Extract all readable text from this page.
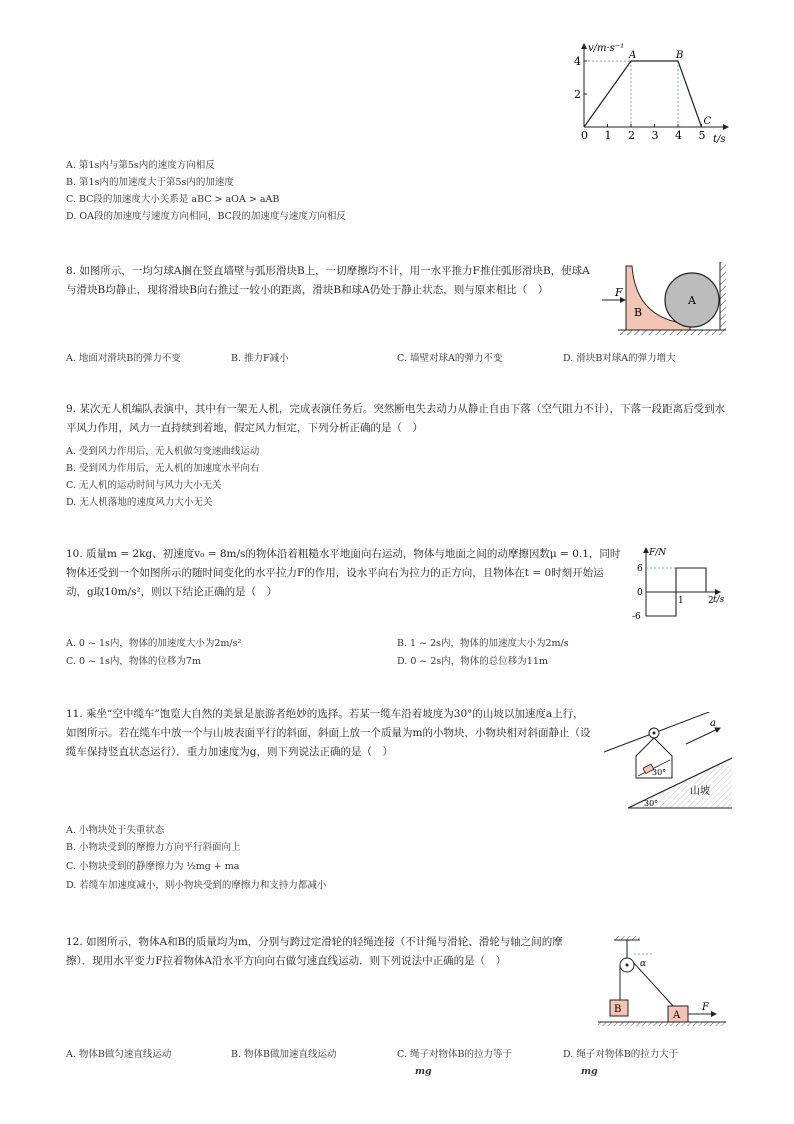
0 1 2 3 4 5
2
4
v/m·s⁻¹
t/s
A	B
C
A. 第1s内与第5s内的速度方向相反
B. 第1s内的加速度大于第5s内的加速度
C. BC段的加速度大小关系是 aBC > aOA > aAB
D. OA段的加速度与速度方向相同，BC段的加速度与速度方向相反
8. 如图所示，一均匀球A搁在竖直墙壁与弧形滑块B上，一切摩擦均不计，用一水平推力F推住弧形滑块B，使球A与滑块B均静止，现将滑块B向右推过一较小的距离，滑块B和球A仍处于静止状态，则与原来相比（　）	F
B
A
A. 地面对滑块B的弹力不变	B. 推力F减小	C. 墙壁对球A的弹力不变	D. 滑块B对球A的弹力增大
9. 某次无人机编队表演中，其中有一架无人机，完成表演任务后。突然断电失去动力从静止自由下落（空气阻力不计），下落一段距离后受到水平风力作用，风力一直持续到着地，假定风力恒定，下列分析正确的是（　）
A. 受到风力作用后，无人机做匀变速曲线运动
B. 受到风力作用后，无人机的加速度水平向右
C. 无人机的运动时间与风力大小无关
D. 无人机落地的速度风力大小无关
10. 质量m = 2kg、初速度v₀ = 8m/s的物体沿着粗糙水平地面向右运动，物体与地面之间的动摩擦因数μ = 0.1，同时物体还受到一个如图所示的随时间变化的水平拉力F的作用，设水平向右为拉力的正方向，且物体在t = 0时刻开始运动，g取10m/s²，则以下结论正确的是（　）
1	2
6
0
-6
F/N
t/s
A. 0 ~ 1s内，物体的加速度大小为2m/s²	B. 1 ~ 2s内，物体的加速度大小为2m/s
C. 0 ~ 1s内，物体的位移为7m	D. 0 ~ 2s内，物体的总位移为11m
11. 乘坐“空中缆车”饱览大自然的美景是旅游者绝妙的选择。若某一缆车沿着坡度为30°的山坡以加速度a上行，如图所示。若在缆车中放一个与山坡表面平行的斜面，斜面上放一个质量为m的小物块，小物块相对斜面静止（设缆车保持竖直状态运行）．重力加速度为g，则下列说法正确的是（　）
30°
a
30°
山坡
A. 小物块处于失重状态
B. 小物块受到的摩擦力方向平行斜面向上
C. 小物块受到的静摩擦力为 ½mg + ma
D. 若缆车加速度减小，则小物块受到的摩擦力和支持力都减小
12. 如图所示，物体A和B的质量均为m，分别与跨过定滑轮的轻绳连接（不计绳与滑轮、滑轮与轴之间的摩擦）．现用水平变力F拉着物体A沿水平方向向右做匀速直线运动．则下列说法中正确的是（　）
B
α
A
F
A. 物体B做匀速直线运动	B. 物体B做加速直线运动	C. 绳子对物体B的拉力等于
mg
D. 绳子对物体B的拉力大于
mg
